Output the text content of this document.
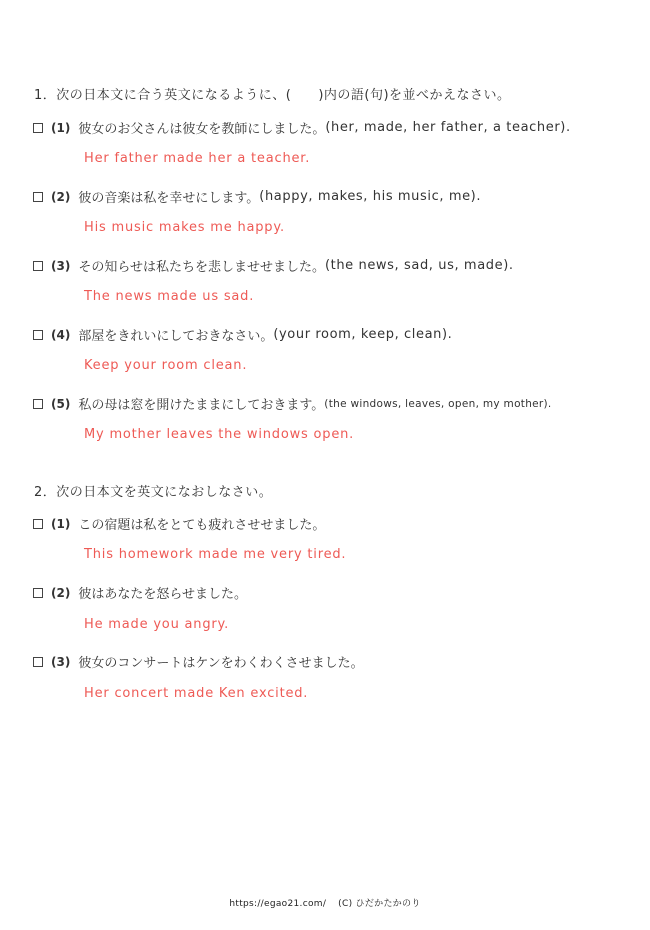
1．次の日本文に合う英文になるように、(　　)内の語(句)を並べかえなさい。
(1) 彼女のお父さんは彼女を教師にしました。 (her, made, her father, a teacher).
Her father made her a teacher.
(2) 彼の音楽は私を幸せにします。 (happy, makes, his music, me).
His music makes me happy.
(3) その知らせは私たちを悲しませせました。 (the news, sad, us, made).
The news made us sad.
(4) 部屋をきれいにしておきなさい。 (your room, keep, clean).
Keep your room clean.
(5) 私の母は窓を開けたままにしておきます。 (the windows, leaves, open, my mother).
My mother leaves the windows open.
2．次の日本文を英文になおしなさい。
(1) この宿題は私をとても疲れさせせました。
This homework made me very tired.
(2) 彼はあなたを怒らせました。
He made you angry.
(3) 彼女のコンサートはケンをわくわくさせました。
Her concert made Ken excited.
https://egao21.com/ (C) ひだかたかのり
